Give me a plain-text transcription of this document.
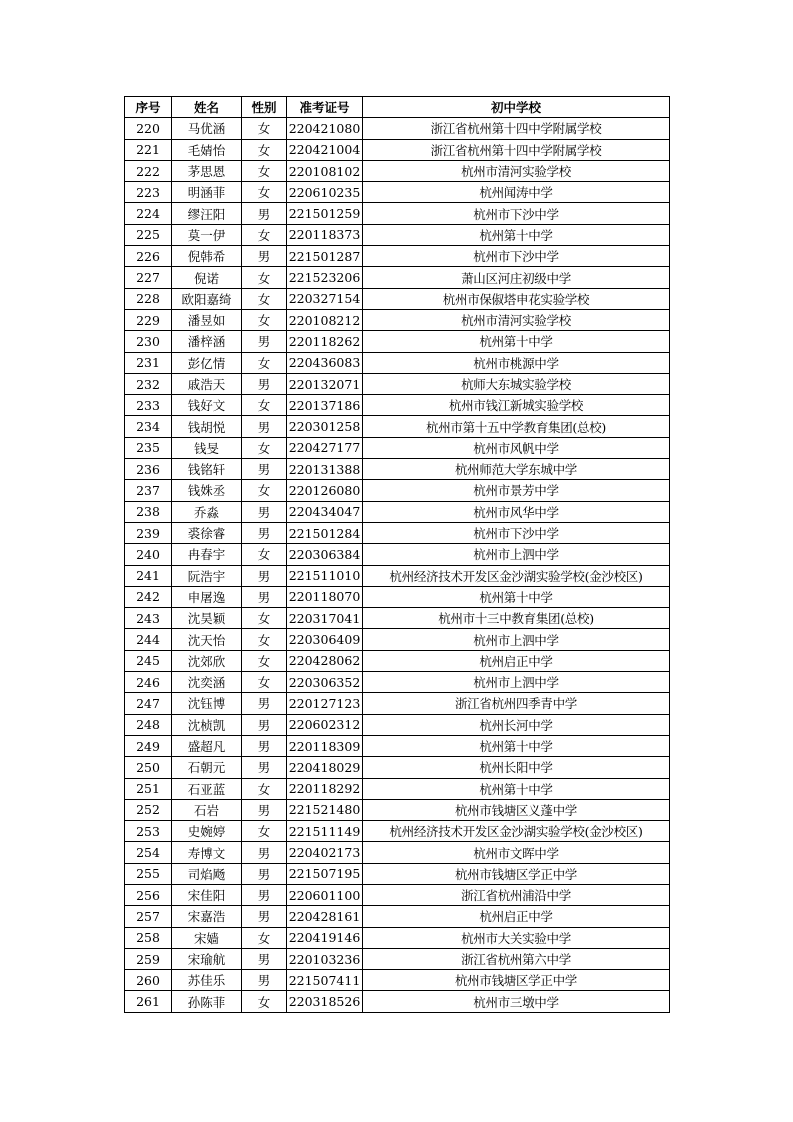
序号	姓名	性别	准考证号	初中学校
220	马优涵	女	220421080	浙江省杭州第十四中学附属学校
221	毛婧怡	女	220421004	浙江省杭州第十四中学附属学校
222	茅思恩	女	220108102	杭州市清河实验学校
223	明涵菲	女	220610235	杭州闻涛中学
224	缪汪阳	男	221501259	杭州市下沙中学
225	莫一伊	女	220118373	杭州第十中学
226	倪韩希	男	221501287	杭州市下沙中学
227	倪诺	女	221523206	萧山区河庄初级中学
228	欧阳嘉绮	女	220327154	杭州市保俶塔申花实验学校
229	潘昱如	女	220108212	杭州市清河实验学校
230	潘梓涵	男	220118262	杭州第十中学
231	彭亿情	女	220436083	杭州市桃源中学
232	戚浩天	男	220132071	杭师大东城实验学校
233	钱好文	女	220137186	杭州市钱江新城实验学校
234	钱胡悦	男	220301258	杭州市第十五中学教育集团(总校)
235	钱旻	女	220427177	杭州市风帆中学
236	钱铭轩	男	220131388	杭州师范大学东城中学
237	钱姝丞	女	220126080	杭州市景芳中学
238	乔淼	男	220434047	杭州市风华中学
239	裘徐睿	男	221501284	杭州市下沙中学
240	冉春宇	女	220306384	杭州市上泗中学
241	阮浩宇	男	221511010	杭州经济技术开发区金沙湖实验学校(金沙校区)
242	申屠逸	男	220118070	杭州第十中学
243	沈昊颖	女	220317041	杭州市十三中教育集团(总校)
244	沈天怡	女	220306409	杭州市上泗中学
245	沈郊欣	女	220428062	杭州启正中学
246	沈奕涵	女	220306352	杭州市上泗中学
247	沈钰博	男	220127123	浙江省杭州四季青中学
248	沈桢凯	男	220602312	杭州长河中学
249	盛超凡	男	220118309	杭州第十中学
250	石朝元	男	220418029	杭州长阳中学
251	石亚蓝	女	220118292	杭州第十中学
252	石岩	男	221521480	杭州市钱塘区义蓬中学
253	史婉婷	女	221511149	杭州经济技术开发区金沙湖实验学校(金沙校区)
254	寿博文	男	220402173	杭州市文晖中学
255	司焰飏	男	221507195	杭州市钱塘区学正中学
256	宋佳阳	男	220601100	浙江省杭州浦沿中学
257	宋嘉浩	男	220428161	杭州启正中学
258	宋嫱	女	220419146	杭州市大关实验中学
259	宋瑜航	男	220103236	浙江省杭州第六中学
260	苏佳乐	男	221507411	杭州市钱塘区学正中学
261	孙陈菲	女	220318526	杭州市三墩中学
